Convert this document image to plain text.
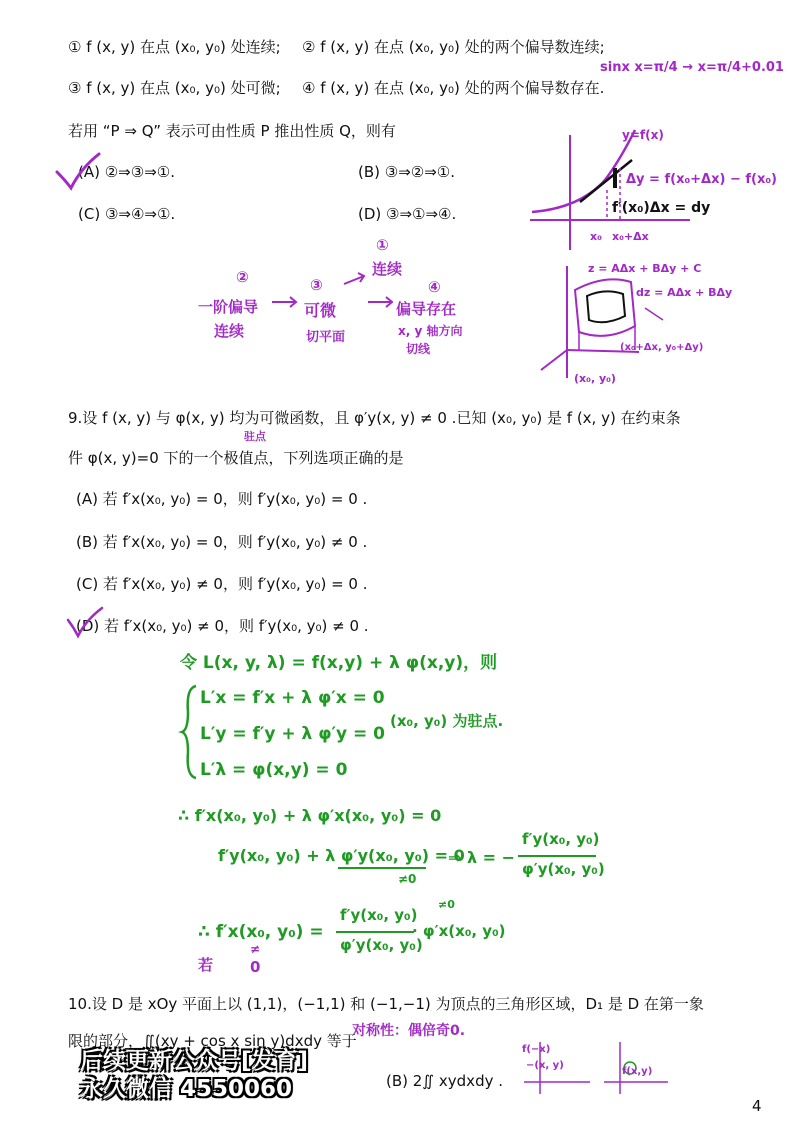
① f (x, y) 在点 (x₀, y₀) 处连续; ② f (x, y) 在点 (x₀, y₀) 处的两个偏导数连续;
③ f (x, y) 在点 (x₀, y₀) 处可微; ④ f (x, y) 在点 (x₀, y₀) 处的两个偏导数存在.
若用 “P ⇒ Q” 表示可由性质 P 推出性质 Q，则有
(A) ②⇒③⇒①.	(B) ③⇒②⇒①.
(C) ③⇒④⇒①.	(D) ③⇒①⇒④.
sinx x=π/4 → x=π/4+0.01
y=f(x)
Δy = f(x₀+Δx) − f(x₀)
f′(x₀)Δx = dy
x₀ x₀+Δx
①
连续
②
一阶偏导
连续
③
可微
切平面
④
偏导存在
x, y 轴方向
切线
z = AΔx + BΔy + C
dz = AΔx + BΔy
(x₀+Δx, y₀+Δy)
(x₀, y₀)
9.设 f (x, y) 与 φ(x, y) 均为可微函数，且 φ′y(x, y) ≠ 0 .已知 (x₀, y₀) 是 f (x, y) 在约束条
件 φ(x, y)=0 下的一个极值点，下列选项正确的是
驻点
(A) 若 f′x(x₀, y₀) = 0，则 f′y(x₀, y₀) = 0 .
(B) 若 f′x(x₀, y₀) = 0，则 f′y(x₀, y₀) ≠ 0 .
(C) 若 f′x(x₀, y₀) ≠ 0，则 f′y(x₀, y₀) = 0 .
(D) 若 f′x(x₀, y₀) ≠ 0，则 f′y(x₀, y₀) ≠ 0 .
令 L(x, y, λ) = f(x,y) + λ φ(x,y)，则
L′x = f′x + λ φ′x = 0
L′y = f′y + λ φ′y = 0
L′λ = φ(x,y) = 0
(x₀, y₀) 为驻点.
∴ f′x(x₀, y₀) + λ φ′x(x₀, y₀) = 0
f′y(x₀, y₀) + λ φ′y(x₀, y₀) = 0
⇒ λ = −
f′y(x₀, y₀)
φ′y(x₀, y₀)
≠0
∴ f′x(x₀, y₀) =
f′y(x₀, y₀)
φ′y(x₀, y₀)
· φ′x(x₀, y₀)
≠0
若
≠
0
10.设 D 是 xOy 平面上以 (1,1)，(−1,1) 和 (−1,−1) 为顶点的三角形区域，D₁ 是 D 在第一象
限的部分，∬(xy + cos x sin y)dxdy 等于
(B) 2∬ xydxdy .
对称性：偶倍奇0.
f(−x)
−(x, y)
f(x,y)
后续更新公众号[发育]
永久微信 4550060
4
